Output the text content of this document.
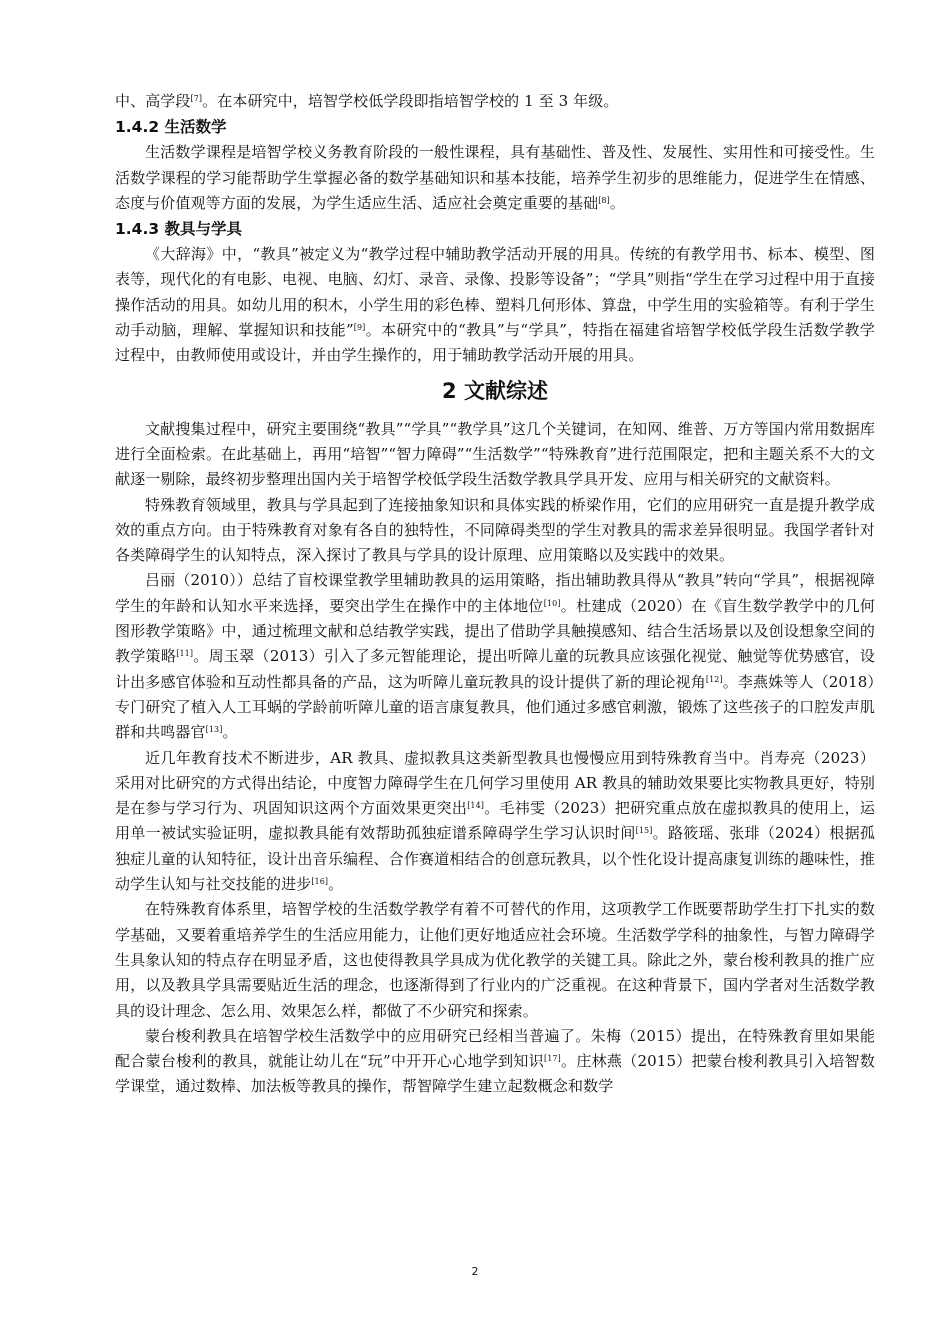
中、高学段[7]。在本研究中，培智学校低学段即指培智学校的 1 至 3 年级。

1.4.2 生活数学

生活数学课程是培智学校义务教育阶段的一般性课程，具有基础性、普及性、发展性、实用性和可接受性。生活数学课程的学习能帮助学生掌握必备的数学基础知识和基本技能，培养学生初步的思维能力，促进学生在情感、态度与价值观等方面的发展，为学生适应生活、适应社会奠定重要的基础[8]。

1.4.3 教具与学具

《大辞海》中，“教具”被定义为“教学过程中辅助教学活动开展的用具。传统的有教学用书、标本、模型、图表等，现代化的有电影、电视、电脑、幻灯、录音、录像、投影等设备”；“学具”则指“学生在学习过程中用于直接操作活动的用具。如幼儿用的积木，小学生用的彩色棒、塑料几何形体、算盘，中学生用的实验箱等。有利于学生动手动脑，理解、掌握知识和技能”[9]。本研究中的“教具”与“学具”，特指在福建省培智学校低学段生活数学教学过程中，由教师使用或设计，并由学生操作的，用于辅助教学活动开展的用具。

2 文献综述

文献搜集过程中，研究主要围绕“教具”“学具”“教学具”这几个关键词，在知网、维普、万方等国内常用数据库进行全面检索。在此基础上，再用“培智”“智力障碍”“生活数学”“特殊教育”进行范围限定，把和主题关系不大的文献逐一剔除，最终初步整理出国内关于培智学校低学段生活数学教具学具开发、应用与相关研究的文献资料。

特殊教育领域里，教具与学具起到了连接抽象知识和具体实践的桥梁作用，它们的应用研究一直是提升教学成效的重点方向。由于特殊教育对象有各自的独特性，不同障碍类型的学生对教具的需求差异很明显。我国学者针对各类障碍学生的认知特点，深入探讨了教具与学具的设计原理、应用策略以及实践中的效果。

吕丽（2010））总结了盲校课堂教学里辅助教具的运用策略，指出辅助教具得从“教具”转向“学具”，根据视障学生的年龄和认知水平来选择，要突出学生在操作中的主体地位[10]。杜建成（2020）在《盲生数学教学中的几何图形教学策略》中，通过梳理文献和总结教学实践，提出了借助学具触摸感知、结合生活场景以及创设想象空间的教学策略[11]。周玉翠（2013）引入了多元智能理论，提出听障儿童的玩教具应该强化视觉、触觉等优势感官，设计出多感官体验和互动性都具备的产品，这为听障儿童玩教具的设计提供了新的理论视角[12]。李燕姝等人（2018）专门研究了植入人工耳蜗的学龄前听障儿童的语言康复教具，他们通过多感官刺激，锻炼了这些孩子的口腔发声肌群和共鸣器官[13]。

近几年教育技术不断进步，AR 教具、虚拟教具这类新型教具也慢慢应用到特殊教育当中。肖寿亮（2023）采用对比研究的方式得出结论，中度智力障碍学生在几何学习里使用 AR 教具的辅助效果要比实物教具更好，特别是在参与学习行为、巩固知识这两个方面效果更突出[14]。毛祎雯（2023）把研究重点放在虚拟教具的使用上，运用单一被试实验证明，虚拟教具能有效帮助孤独症谱系障碍学生学习认识时间[15]。路筱瑶、张琲（2024）根据孤独症儿童的认知特征，设计出音乐编程、合作赛道相结合的创意玩教具，以个性化设计提高康复训练的趣味性，推动学生认知与社交技能的进步[16]。

在特殊教育体系里，培智学校的生活数学教学有着不可替代的作用，这项教学工作既要帮助学生打下扎实的数学基础，又要着重培养学生的生活应用能力，让他们更好地适应社会环境。生活数学学科的抽象性，与智力障碍学生具象认知的特点存在明显矛盾，这也使得教具学具成为优化教学的关键工具。除此之外，蒙台梭利教具的推广应用，以及教具学具需要贴近生活的理念，也逐渐得到了行业内的广泛重视。在这种背景下，国内学者对生活数学教具的设计理念、怎么用、效果怎么样，都做了不少研究和探索。

蒙台梭利教具在培智学校生活数学中的应用研究已经相当普遍了。朱梅（2015）提出，在特殊教育里如果能配合蒙台梭利的教具，就能让幼儿在“玩”中开开心心地学到知识[17]。庄林燕（2015）把蒙台梭利教具引入培智数学课堂，通过数棒、加法板等教具的操作，帮智障学生建立起数概念和数学

2
